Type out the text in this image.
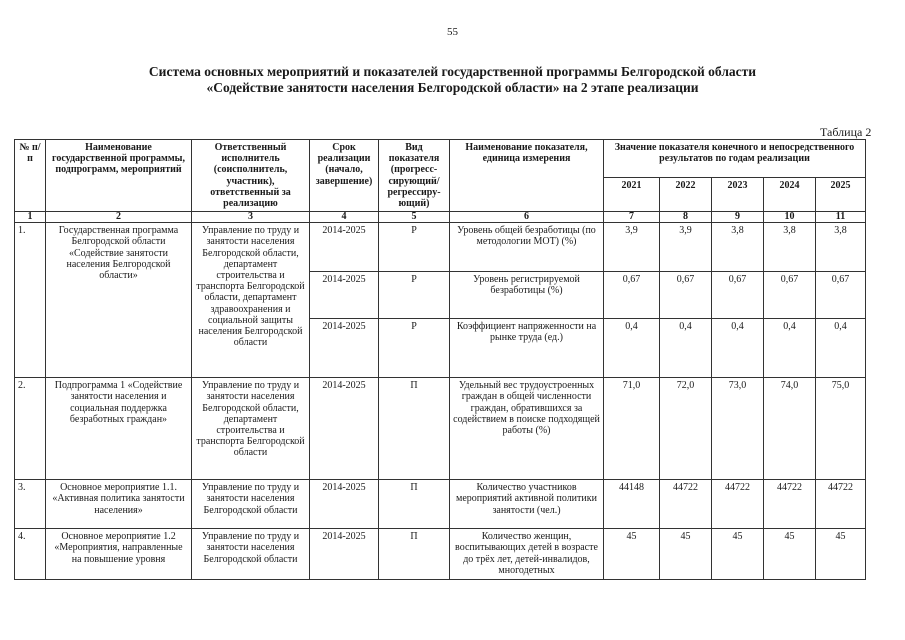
55
Система основных мероприятий и показателей государственной программы Белгородской области
«Содействие занятости населения Белгородской области» на 2 этапе реализации
Таблица 2
№ п/п	Наименование государственной программы, подпрограмм, мероприятий	Ответственный исполнитель (соисполнитель, участник), ответственный за реализацию	Срок реализации (начало, завершение)	Вид показателя (прогресс-сирующий/ регрессиру-ющий)	Наименование показателя, единица измерения	Значение показателя конечного и непосредственного результатов по годам реализации				
						2021	2022	2023	2024	2025
1	2	3	4	5	6	7	8	9	10	11
1.	Государственная программа Белгородской области «Содействие занятости населения Белгородской области»	Управление по труду и занятости населения Белгородской области, департамент строительства и транспорта Белгородской области, департамент здравоохранения и социальной защиты населения Белгородской области	2014-2025	Р	Уровень общей безработицы (по методологии МОТ) (%)	3,9	3,9	3,8	3,8	3,8
			2014-2025	Р	Уровень регистрируемой безработицы (%)	0,67	0,67	0,67	0,67	0,67
			2014-2025	Р	Коэффициент напряженности на рынке труда (ед.)	0,4	0,4	0,4	0,4	0,4
2.	Подпрограмма 1 «Содействие занятости населения и социальная поддержка безработных граждан»	Управление по труду и занятости населения Белгородской области, департамент строительства и транспорта Белгородской области	2014-2025	П	Удельный вес трудоустроенных граждан в общей численности граждан, обратившихся за содействием в поиске подходящей работы (%)	71,0	72,0	73,0	74,0	75,0
3.	Основное мероприятие 1.1. «Активная политика занятости населения»	Управление по труду и занятости населения Белгородской области	2014-2025	П	Количество участников мероприятий активной политики занятости (чел.)	44148	44722	44722	44722	44722
4.	Основное мероприятие 1.2 «Мероприятия, направленные на повышение уровня	Управление по труду и занятости населения Белгородской области	2014-2025	П	Количество женщин, воспитывающих детей в возрасте до трёх лет, детей-инвалидов, многодетных	45	45	45	45	45
